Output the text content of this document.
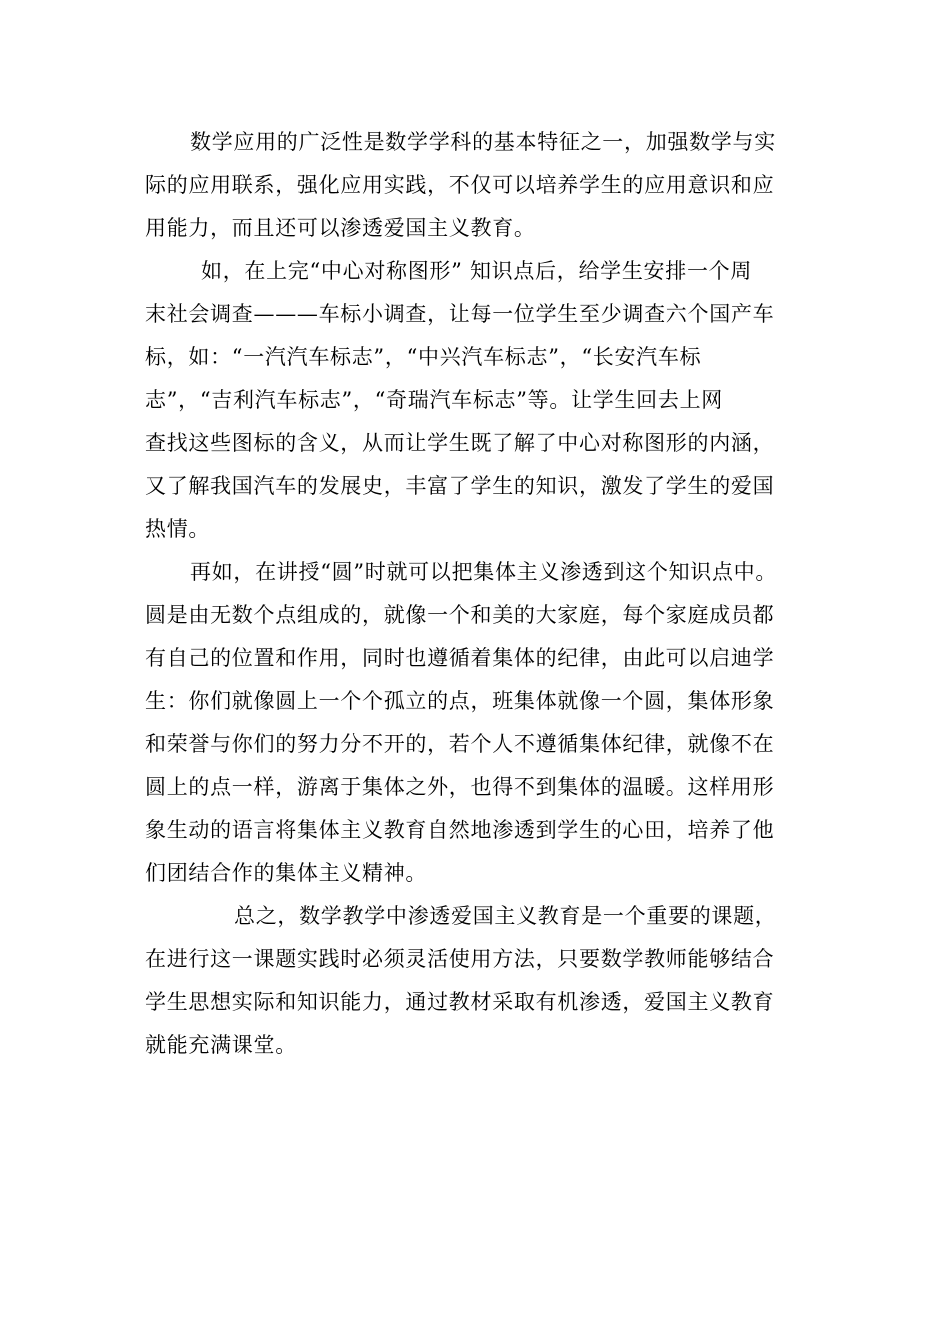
数学应用的广泛性是数学学科的基本特征之一，加强数学与实
际的应用联系，强化应用实践，不仅可以培养学生的应用意识和应
用能力，而且还可以渗透爱国主义教育。
如，在上完“中心对称图形” 知识点后，给学生安排一个周
末社会调查———车标小调查，让每一位学生至少调查六个国产车
标，如：“一汽汽车标志”，“中兴汽车标志”，“长安汽车标
志”，“吉利汽车标志”，“奇瑞汽车标志”等。让学生回去上网
查找这些图标的含义，从而让学生既了解了中心对称图形的内涵，
又了解我国汽车的发展史，丰富了学生的知识，激发了学生的爱国
热情。
再如，在讲授“圆”时就可以把集体主义渗透到这个知识点中。
圆是由无数个点组成的，就像一个和美的大家庭，每个家庭成员都
有自己的位置和作用，同时也遵循着集体的纪律，由此可以启迪学
生：你们就像圆上一个个孤立的点，班集体就像一个圆，集体形象
和荣誉与你们的努力分不开的，若个人不遵循集体纪律，就像不在
圆上的点一样，游离于集体之外，也得不到集体的温暖。这样用形
象生动的语言将集体主义教育自然地渗透到学生的心田，培养了他
们团结合作的集体主义精神。
总之，数学教学中渗透爱国主义教育是一个重要的课题，
在进行这一课题实践时必须灵活使用方法，只要数学教师能够结合
学生思想实际和知识能力，通过教材采取有机渗透，爱国主义教育
就能充满课堂。
